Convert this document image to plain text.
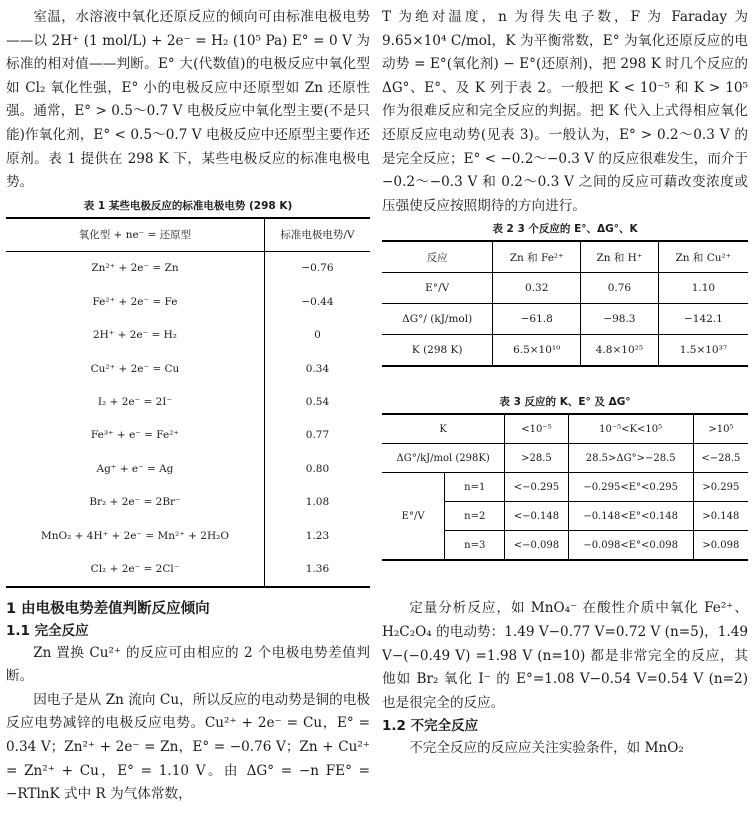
室温，水溶液中氧化还原反应的倾向可由标准电极电势——以 2H⁺ (1 mol/L) + 2e⁻ = H₂ (10⁵ Pa) E° = 0 V 为标准的相对值——判断。E° 大(代数值)的电极反应中氧化型如 Cl₂ 氧化性强，E° 小的电极反应中还原型如 Zn 还原性强。通常，E° > 0.5～0.7 V 电极反应中氧化型主要(不是只能)作氧化剂，E° < 0.5～0.7 V 电极反应中还原型主要作还原剂。表 1 提供在 298 K 下，某些电极反应的标准电极电势。
表 1 某些电极反应的标准电极电势 (298 K)
氧化型 + ne⁻ = 还原型	标准电极电势/V
Zn²⁺ + 2e⁻ = Zn	−0.76
Fe²⁺ + 2e⁻ = Fe	−0.44
2H⁺ + 2e⁻ = H₂	0
Cu²⁺ + 2e⁻ = Cu	0.34
I₂ + 2e⁻ = 2I⁻	0.54
Fe³⁺ + e⁻ = Fe²⁺	0.77
Ag⁺ + e⁻ = Ag	0.80
Br₂ + 2e⁻ = 2Br⁻	1.08
MnO₂ + 4H⁺ + 2e⁻ = Mn²⁺ + 2H₂O	1.23
Cl₂ + 2e⁻ = 2Cl⁻	1.36
1 由电极电势差值判断反应倾向
1.1 完全反应
Zn 置换 Cu²⁺ 的反应可由相应的 2 个电极电势差值判断。
因电子是从 Zn 流向 Cu，所以反应的电动势是铜的电极反应电势减锌的电极反应电势。Cu²⁺ + 2e⁻ = Cu，E° = 0.34 V；Zn²⁺ + 2e⁻ = Zn，E° = −0.76 V；Zn + Cu²⁺ = Zn²⁺ + Cu，E° = 1.10 V。由 ΔG° = −n FE° = −RTlnK 式中 R 为气体常数，
T 为绝对温度，n 为得失电子数，F 为 Faraday 为 9.65×10⁴ C/mol，K 为平衡常数，E° 为氧化还原反应的电动势 = E°(氧化剂) − E°(还原剂)，把 298 K 时几个反应的 ΔG°、E°、及 K 列于表 2。一般把 K < 10⁻⁵ 和 K > 10⁵ 作为很难反应和完全反应的判据。把 K 代入上式得相应氧化还原反应电动势(见表 3)。一般认为，E° > 0.2～0.3 V 的是完全反应；E° < −0.2～−0.3 V 的反应很难发生，而介于 −0.2～−0.3 V 和 0.2～0.3 V 之间的反应可藉改变浓度或压强使反应按照期待的方向进行。
表 2 3 个反应的 E°、ΔG°、K
反应	Zn 和 Fe²⁺	Zn 和 H⁺	Zn 和 Cu²⁺
E°/V	0.32	0.76	1.10
ΔG°/ (kJ/mol)	−61.8	−98.3	−142.1
K (298 K)	6.5×10¹⁰	4.8×10²⁵	1.5×10³⁷
表 3 反应的 K、E° 及 ΔG°
K		<10⁻⁵	10⁻⁵<K<10⁵	>10⁵
ΔG°/kJ/mol (298K)		>28.5	28.5>ΔG°>−28.5	<−28.5
E°/V	n=1	<−0.295	−0.295<E°<0.295	>0.295
	n=2	<−0.148	−0.148<E°<0.148	>0.148
	n=3	<−0.098	−0.098<E°<0.098	>0.098
定量分析反应，如 MnO₄⁻ 在酸性介质中氧化 Fe²⁺、H₂C₂O₄ 的电动势：1.49 V−0.77 V=0.72 V (n=5)，1.49 V−(−0.49 V) =1.98 V (n=10) 都是非常完全的反应，其他如 Br₂ 氧化 I⁻ 的 E°=1.08 V−0.54 V=0.54 V (n=2) 也是很完全的反应。
1.2 不完全反应
不完全反应的反应应关注实验条件，如 MnO₂
